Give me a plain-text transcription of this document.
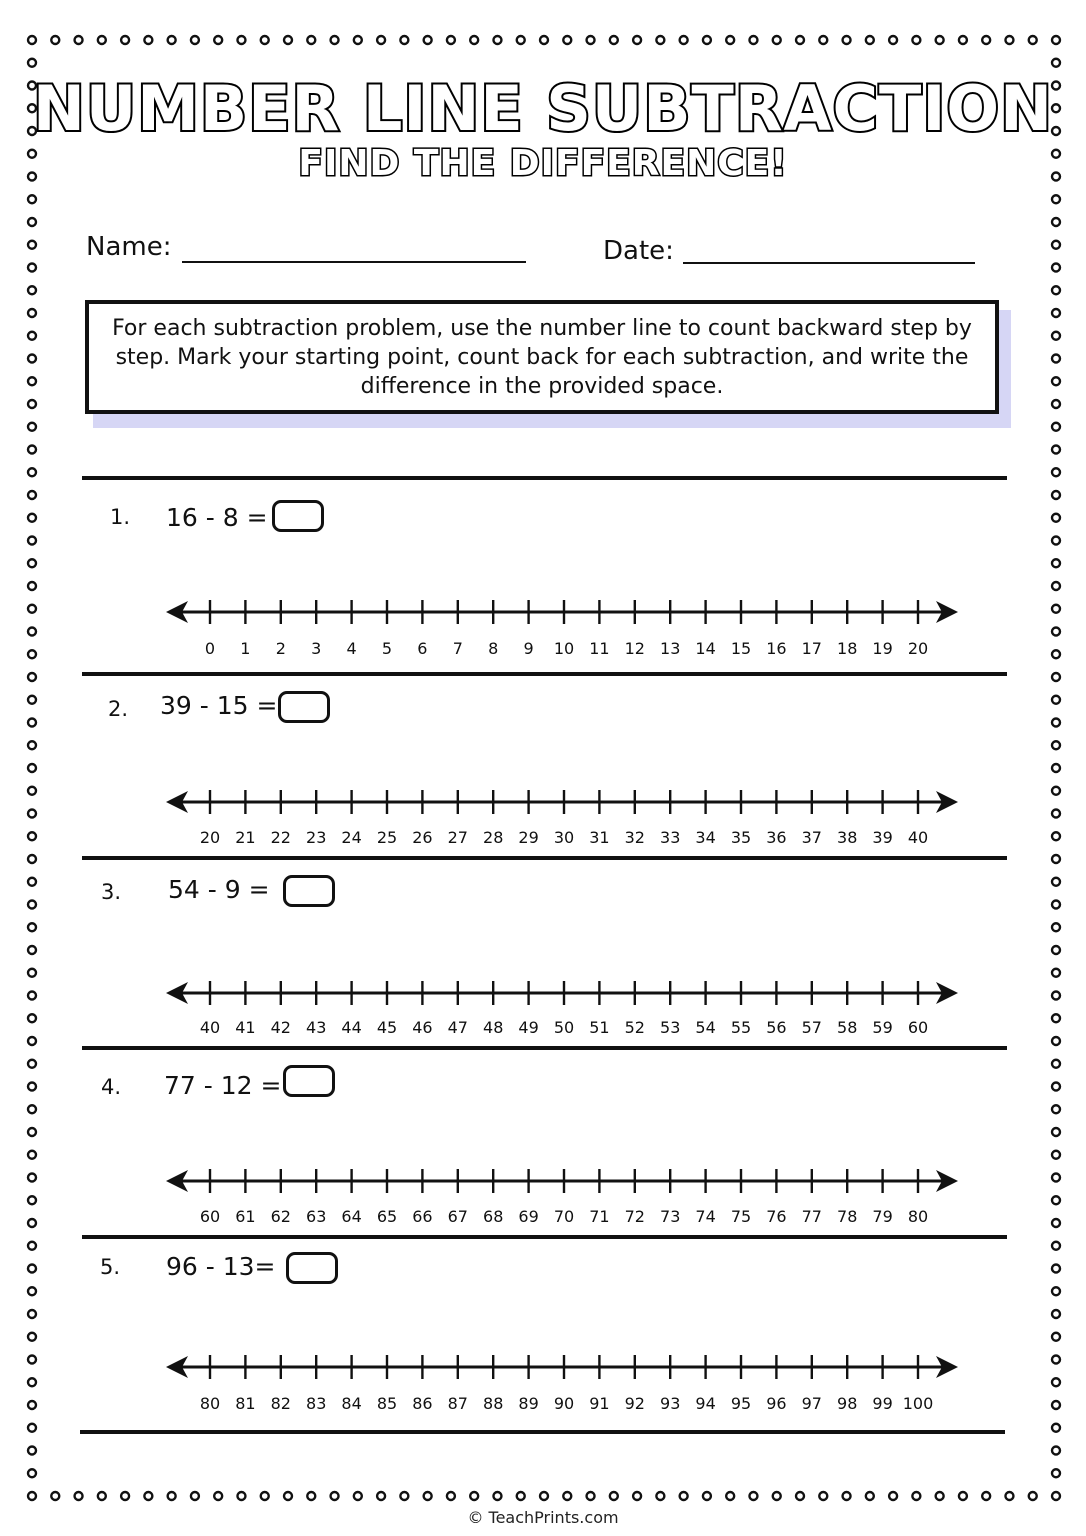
NUMBER LINE SUBTRACTION
FIND THE DIFFERENCE!
Name:	Date:

For each subtraction problem, use the number line to count backward step by step. Mark your starting point, count back for each subtraction, and write the difference in the provided space.

1. 16 - 8 =
0 1 2 3 4 5 6 7 8 9 10 11 12 13 14 15 16 17 18 19 20
2. 39 - 15 =
20 21 22 23 24 25 26 27 28 29 30 31 32 33 34 35 36 37 38 39 40
3. 54 - 9 =
40 41 42 43 44 45 46 47 48 49 50 51 52 53 54 55 56 57 58 59 60
4. 77 - 12 =
60 61 62 63 64 65 66 67 68 69 70 71 72 73 74 75 76 77 78 79 80
5. 96 - 13=
80 81 82 83 84 85 86 87 88 89 90 91 92 93 94 95 96 97 98 99 100
© TeachPrints.com
